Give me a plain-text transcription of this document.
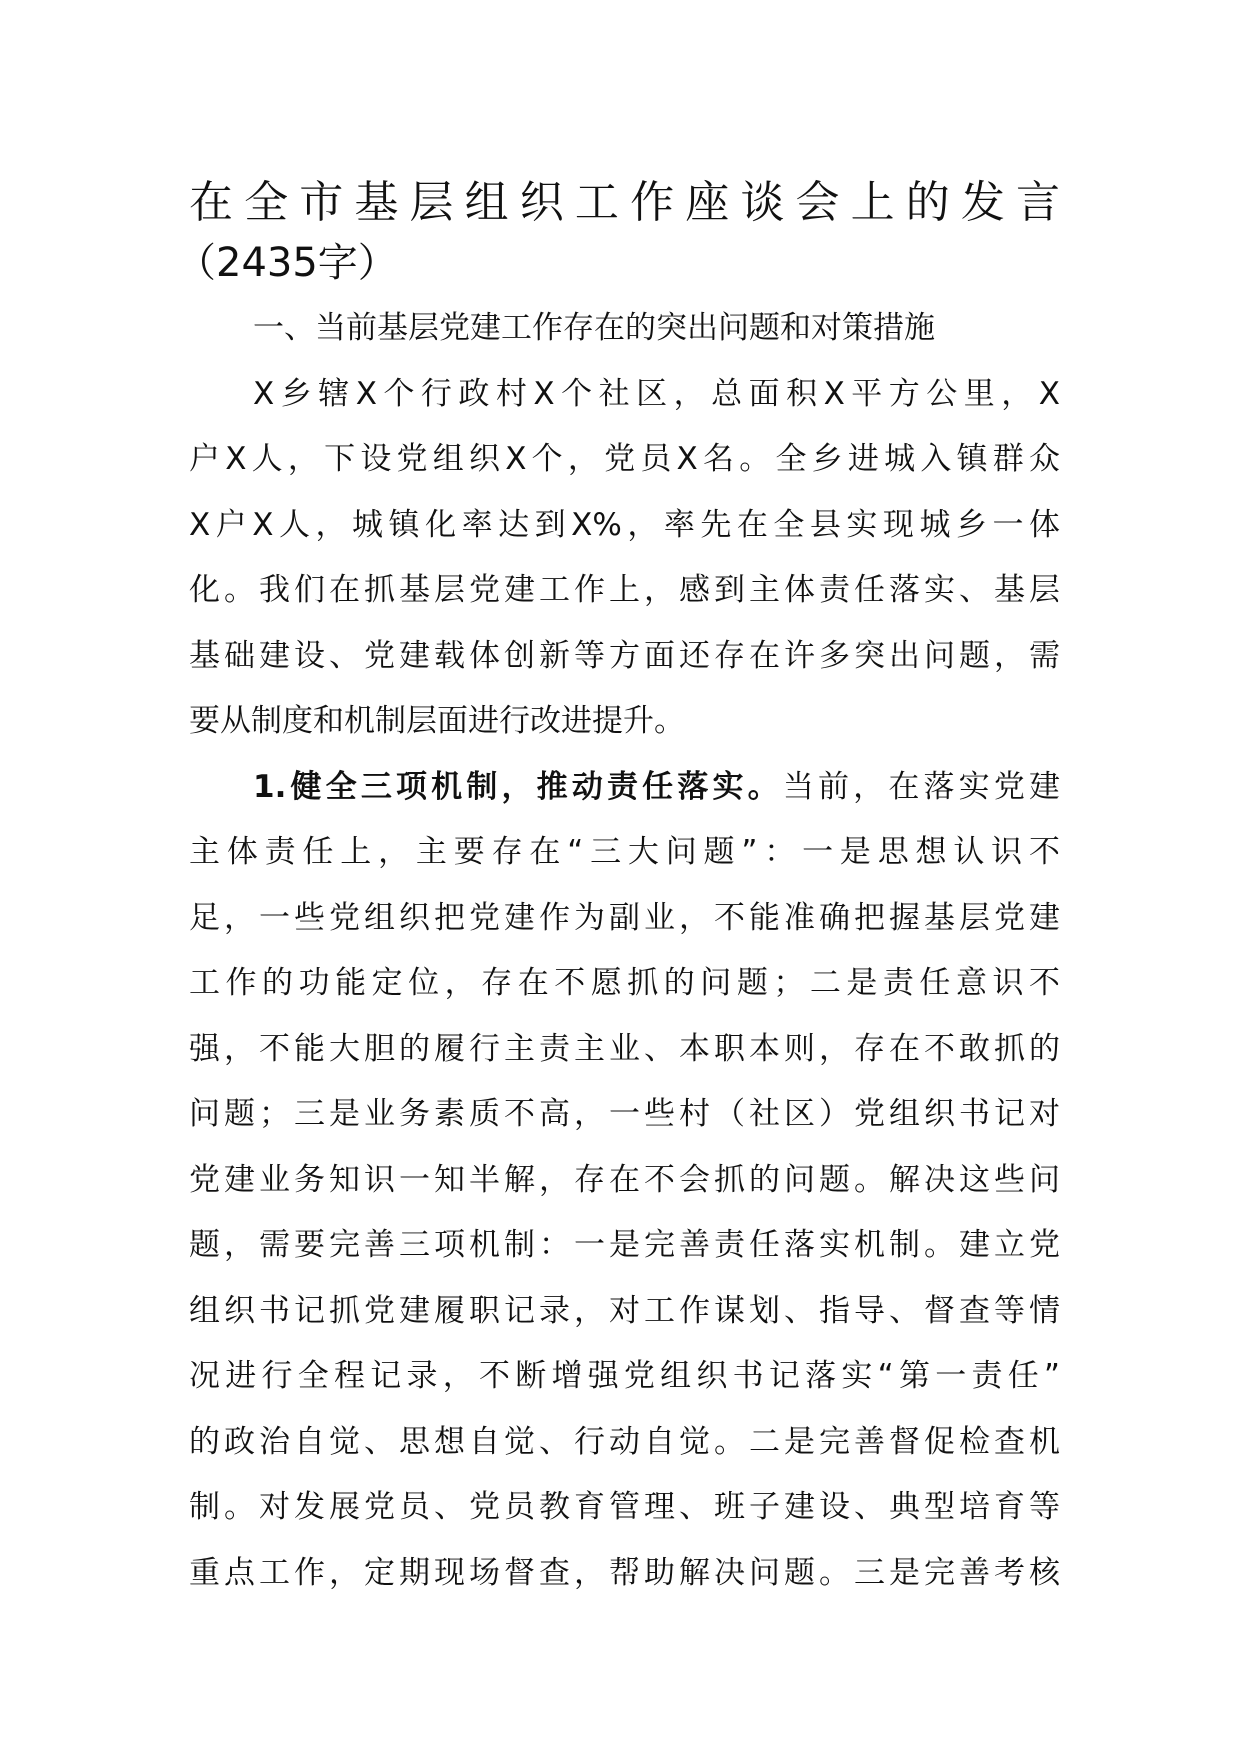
在全市基层组织工作座谈会上的发言
（2435字）
一、当前基层党建工作存在的突出问题和对策措施
X乡辖X个行政村X个社区，总面积X平方公里，X
户X人，下设党组织X个，党员X名。全乡进城入镇群众
X户X人，城镇化率达到X%，率先在全县实现城乡一体
化。我们在抓基层党建工作上，感到主体责任落实、基层
基础建设、党建载体创新等方面还存在许多突出问题，需
要从制度和机制层面进行改进提升。
1.健全三项机制，推动责任落实。当前，在落实党建
主体责任上，主要存在“三大问题”：一是思想认识不
足，一些党组织把党建作为副业，不能准确把握基层党建
工作的功能定位，存在不愿抓的问题；二是责任意识不
强，不能大胆的履行主责主业、本职本则，存在不敢抓的
问题；三是业务素质不高，一些村（社区）党组织书记对
党建业务知识一知半解，存在不会抓的问题。解决这些问
题，需要完善三项机制：一是完善责任落实机制。建立党
组织书记抓党建履职记录，对工作谋划、指导、督查等情
况进行全程记录，不断增强党组织书记落实“第一责任”
的政治自觉、思想自觉、行动自觉。二是完善督促检查机
制。对发展党员、党员教育管理、班子建设、典型培育等
重点工作，定期现场督查，帮助解决问题。三是完善考核
